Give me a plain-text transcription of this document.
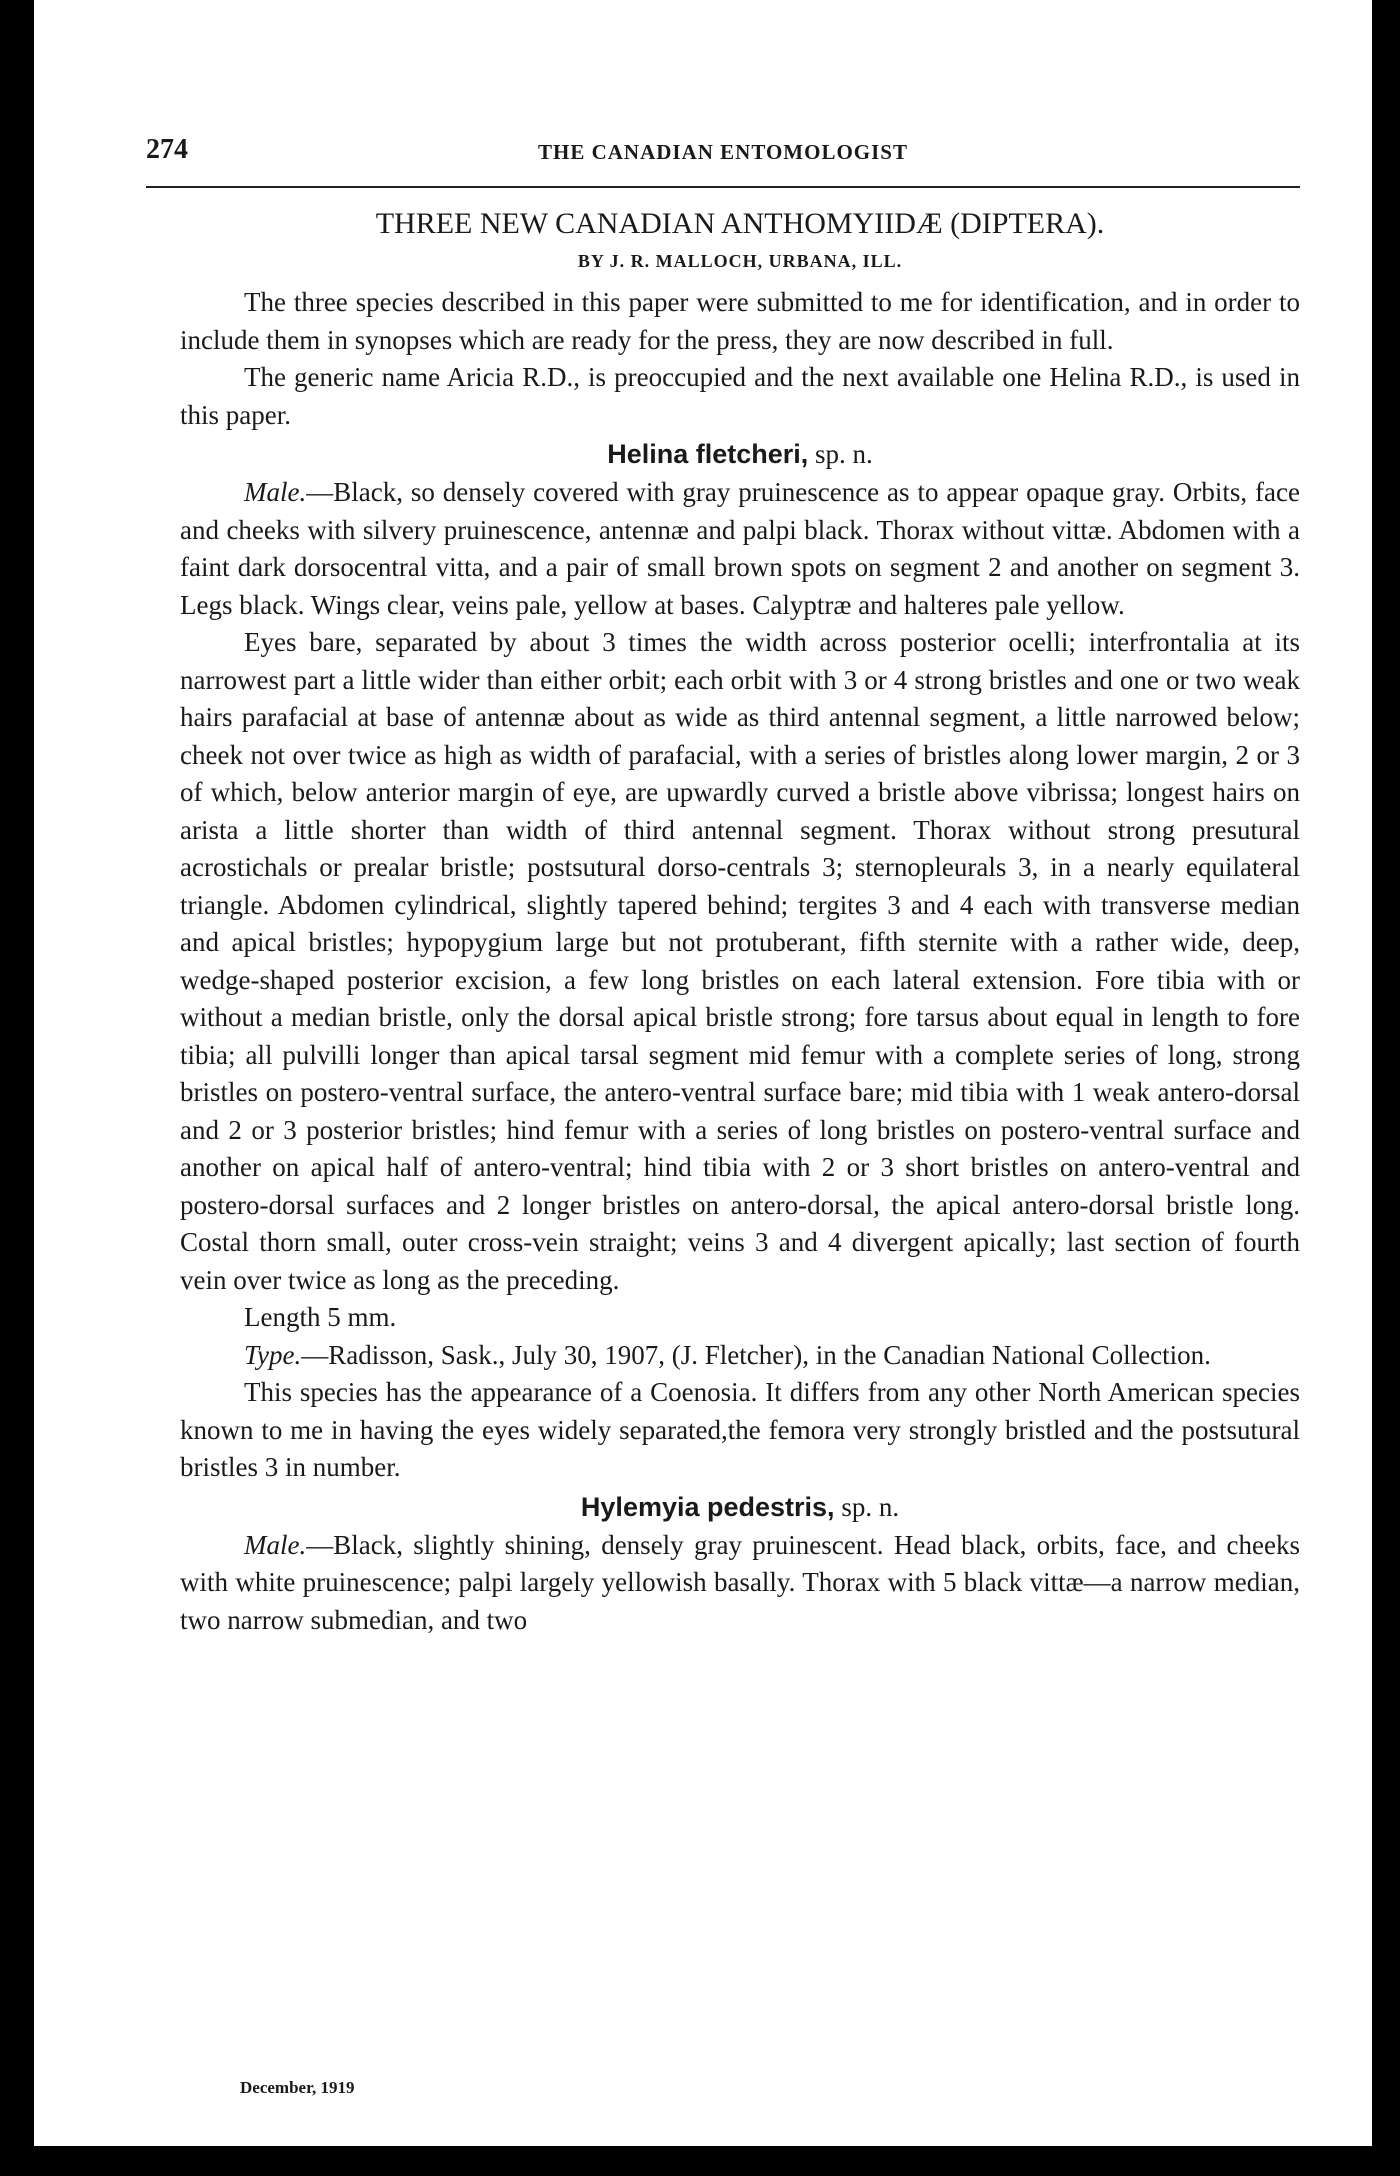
274	THE CANADIAN ENTOMOLOGIST
THREE NEW CANADIAN ANTHOMYIIDÆ (DIPTERA).
BY J. R. MALLOCH, URBANA, ILL.

The three species described in this paper were submitted to me for identification, and in order to include them in synopses which are ready for the press, they are now described in full.

The generic name Aricia R.D., is preoccupied and the next available one Helina R.D., is used in this paper.

Helina fletcheri, sp. n.

Male.—Black, so densely covered with gray pruinescence as to appear opaque gray. Orbits, face and cheeks with silvery pruinescence, antennæ and palpi black. Thorax without vittæ. Abdomen with a faint dark dorsocentral vitta, and a pair of small brown spots on segment 2 and another on segment 3. Legs black. Wings clear, veins pale, yellow at bases. Calyptræ and halteres pale yellow.

Eyes bare, separated by about 3 times the width across posterior ocelli; interfrontalia at its narrowest part a little wider than either orbit; each orbit with 3 or 4 strong bristles and one or two weak hairs parafacial at base of antennæ about as wide as third antennal segment, a little narrowed below; cheek not over twice as high as width of parafacial, with a series of bristles along lower margin, 2 or 3 of which, below anterior margin of eye, are upwardly curved a bristle above vibrissa; longest hairs on arista a little shorter than width of third antennal segment. Thorax without strong presutural acrostichals or prealar bristle; postsutural dorso-centrals 3; sternopleurals 3, in a nearly equilateral triangle. Abdomen cylindrical, slightly tapered behind; tergites 3 and 4 each with transverse median and apical bristles; hypopygium large but not protuberant, fifth sternite with a rather wide, deep, wedge-shaped posterior excision, a few long bristles on each lateral extension. Fore tibia with or without a median bristle, only the dorsal apical bristle strong; fore tarsus about equal in length to fore tibia; all pulvilli longer than apical tarsal segment mid femur with a complete series of long, strong bristles on postero-ventral surface, the antero-ventral surface bare; mid tibia with 1 weak antero-dorsal and 2 or 3 posterior bristles; hind femur with a series of long bristles on postero-ventral surface and another on apical half of antero-ventral; hind tibia with 2 or 3 short bristles on antero-ventral and postero-dorsal surfaces and 2 longer bristles on antero-dorsal, the apical antero-dorsal bristle long. Costal thorn small, outer cross-vein straight; veins 3 and 4 divergent apically; last section of fourth vein over twice as long as the preceding.

Length 5 mm.

Type.—Radisson, Sask., July 30, 1907, (J. Fletcher), in the Canadian National Collection.

This species has the appearance of a Coenosia. It differs from any other North American species known to me in having the eyes widely separated,the femora very strongly bristled and the postsutural bristles 3 in number.

Hylemyia pedestris, sp. n.

Male.—Black, slightly shining, densely gray pruinescent. Head black, orbits, face, and cheeks with white pruinescence; palpi largely yellowish basally. Thorax with 5 black vittæ—a narrow median, two narrow submedian, and two

December, 1919
